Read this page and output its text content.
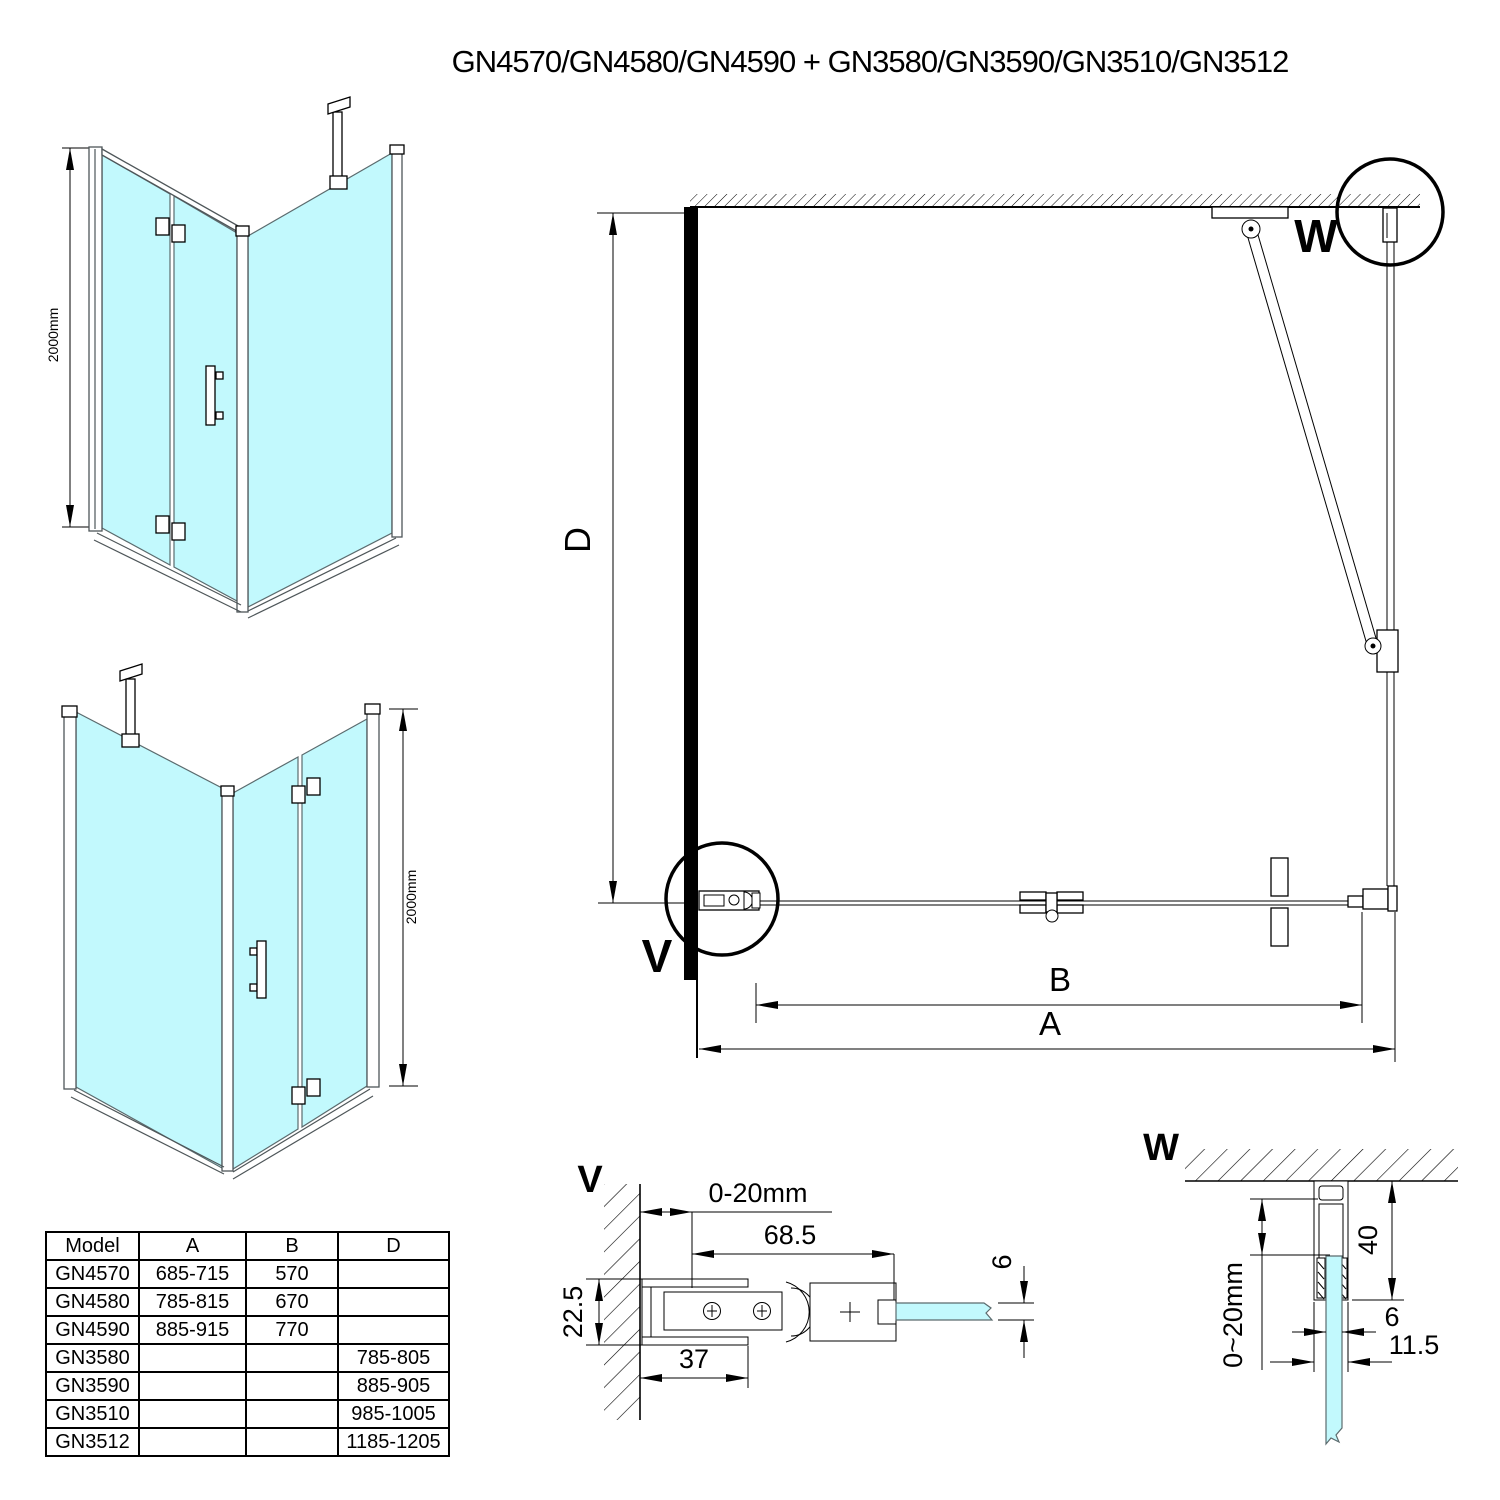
GN4570/GN4580/GN4590 + GN3580/GN3590/GN3510/GN3512
2000mm
2000mm
D
V
W
B
A
V	0-20mm
68.5
22.5
37
6
W
40
0~20mm	6
11.5
Model	A	B	D
GN4570	685-715	570	
GN4580	785-815	670	
GN4590	885-915	770	
GN3580			785-805
GN3590			885-905
GN3510			985-1005
GN3512			1185-1205
